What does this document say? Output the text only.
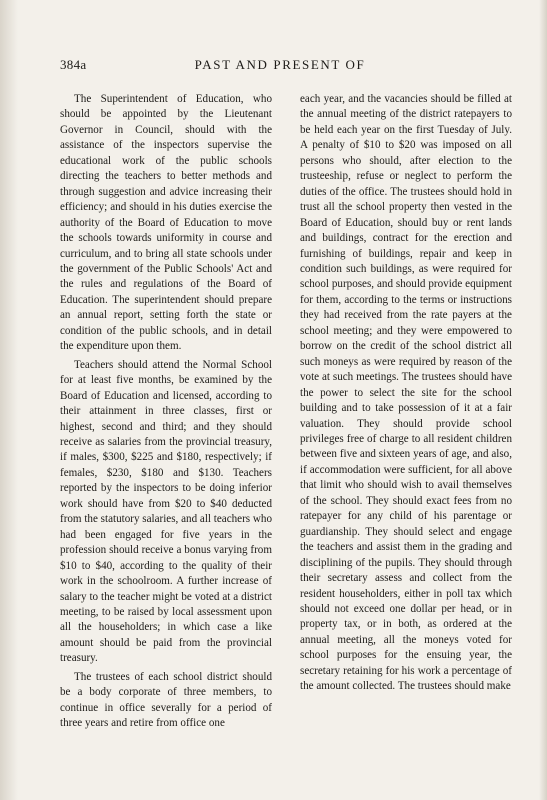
384a	PAST AND PRESENT OF

The Superintendent of Education, who should be appointed by the Lieutenant Governor in Council, should with the assistance of the inspectors supervise the educational work of the public schools directing the teachers to better methods and through suggestion and advice increasing their efficiency; and should in his duties exercise the authority of the Board of Education to move the schools towards uniformity in course and curriculum, and to bring all state schools under the government of the Public Schools' Act and the rules and regulations of the Board of Education. The superintendent should prepare an annual report, setting forth the state or condition of the public schools, and in detail the expenditure upon them.

Teachers should attend the Normal School for at least five months, be examined by the Board of Education and licensed, according to their attainment in three classes, first or highest, second and third; and they should receive as salaries from the provincial treasury, if males, $300, $225 and $180, respectively; if females, $230, $180 and $130. Teachers reported by the inspectors to be doing inferior work should have from $20 to $40 deducted from the statutory salaries, and all teachers who had been engaged for five years in the profession should receive a bonus varying from $10 to $40, according to the quality of their work in the schoolroom. A further increase of salary to the teacher might be voted at a district meeting, to be raised by local assessment upon all the householders; in which case a like amount should be paid from the provincial treasury.

The trustees of each school district should be a body corporate of three members, to continue in office severally for a period of three years and retire from office one

each year, and the vacancies should be filled at the annual meeting of the district ratepayers to be held each year on the first Tuesday of July. A penalty of $10 to $20 was imposed on all persons who should, after election to the trusteeship, refuse or neglect to perform the duties of the office. The trustees should hold in trust all the school property then vested in the Board of Education, should buy or rent lands and buildings, contract for the erection and furnishing of buildings, repair and keep in condition such buildings, as were required for school purposes, and should provide equipment for them, according to the terms or instructions they had received from the rate payers at the school meeting; and they were empowered to borrow on the credit of the school district all such moneys as were required by reason of the vote at such meetings. The trustees should have the power to select the site for the school building and to take possession of it at a fair valuation. They should provide school privileges free of charge to all resident children between five and sixteen years of age, and also, if accommodation were sufficient, for all above that limit who should wish to avail themselves of the school. They should exact fees from no ratepayer for any child of his parentage or guardianship. They should select and engage the teachers and assist them in the grading and disciplining of the pupils. They should through their secretary assess and collect from the resident householders, either in poll tax which should not exceed one dollar per head, or in property tax, or in both, as ordered at the annual meeting, all the moneys voted for school purposes for the ensuing year, the secretary retaining for his work a percentage of the amount collected. The trustees should make
